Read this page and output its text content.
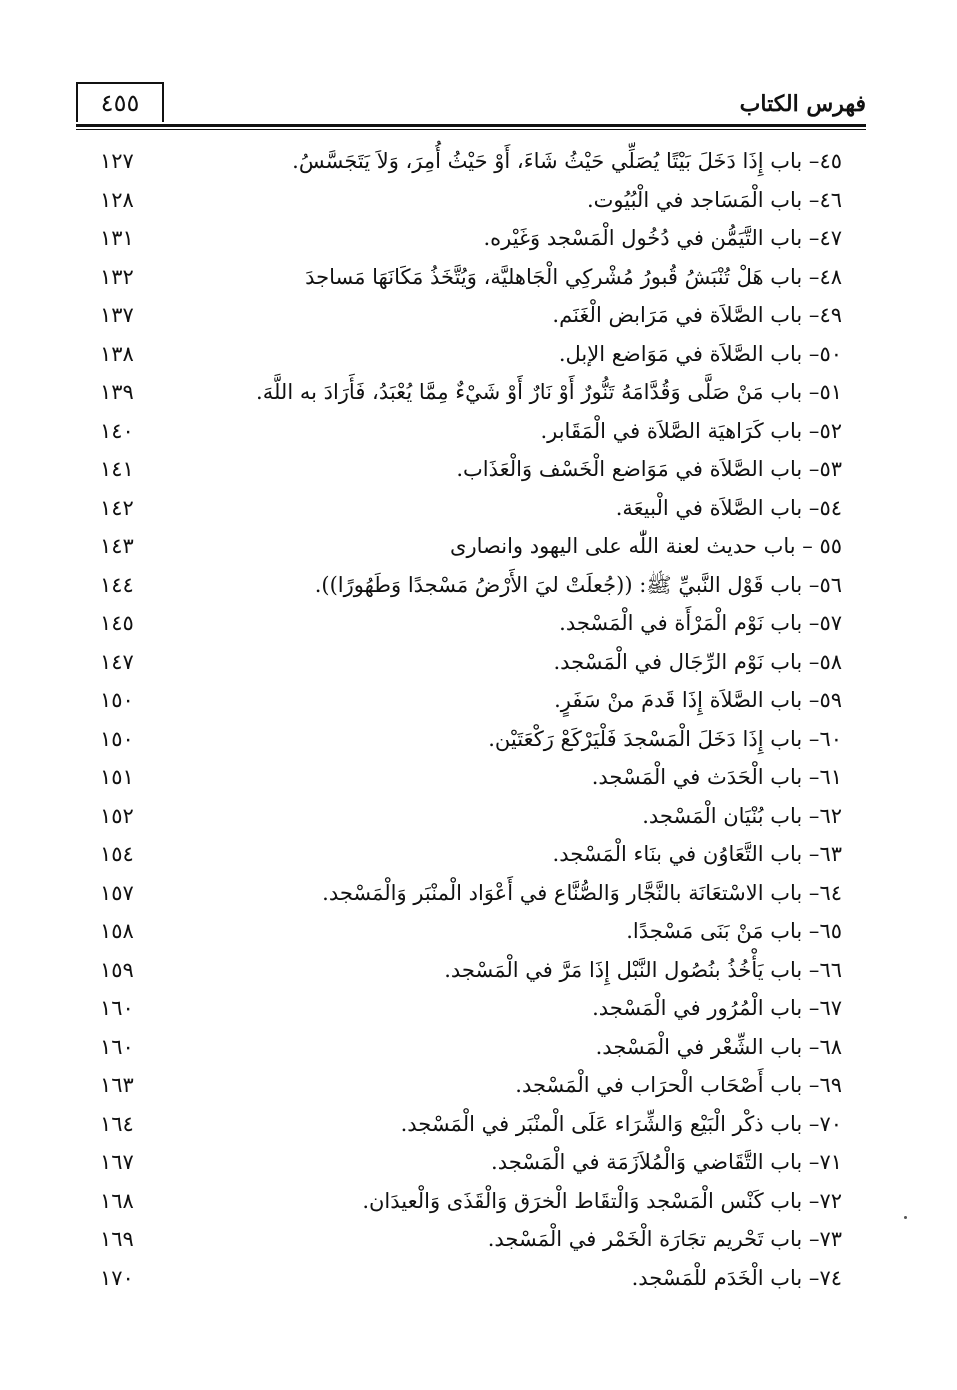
٤٥٥	فهرس الكتاب
٤٥– باب إِذَا دَخَلَ بَيْتًا يُصَلِّي حَيْثُ شَاءَ، أَوْ حَيْثُ أُمِرَ، وَلاَ يَتَجَسَّسُ.
١٢٧
٤٦– باب الْمَسَاجد في الْبُيُوت.
١٢٨
٤٧– باب التَّيَمُّن في دُخُول الْمَسْجد وَغَيْره.
١٣١
٤٨– باب هَلْ تُنْبَشُ قُبورُ مُشْركِي الْجَاهليَّة، وَيُتَّخَذُ مَكَانَهَا مَساجدَ
١٣٢
٤٩– باب الصَّلاَة في مَرَابض الْغَنَم.
١٣٧
٥٠– باب الصَّلاَة في مَوَاضع الإبل.
١٣٨
٥١– باب مَنْ صَلَّى وَقُدَّامَهُ تَنُّورٌ أَوْ نَارٌ أَوْ شَيْءٌ مِمَّا يُعْبَدُ، فَأَرَادَ به اللَّهَ.
١٣٩
٥٢– باب كَرَاهيَة الصَّلاَة في الْمَقَابر.
١٤٠
٥٣– باب الصَّلاَة في مَوَاضع الْخَسْف وَالْعَذَاب.
١٤١
٥٤– باب الصَّلاَة في الْبيعَة.
١٤٢
٥٥ – باب حديث لعنة اللّٰه على اليهود وانصارى
١٤٣
٥٦– باب قَوْل النَّبيِّ ﷺ: ((جُعلَتْ ليَ الأَرْضُ مَسْجدًا وَطَهُورًا)).
١٤٤
٥٧– باب نَوْم الْمَرْأَة في الْمَسْجد.
١٤٥
٥٨– باب نَوْم الرِّجَال في الْمَسْجد.
١٤٧
٥٩– باب الصَّلاَة إِذَا قَدمَ منْ سَفَرٍ.
١٥٠
٦٠– باب إِذَا دَخَلَ الْمَسْجدَ فَلْيَرْكَعْ رَكْعَتَيْن.
١٥٠
٦١– باب الْحَدَث في الْمَسْجد.
١٥١
٦٢– باب بُنْيَان الْمَسْجد.
١٥٢
٦٣– باب التَّعَاوُن في بنَاء الْمَسْجد.
١٥٤
٦٤– باب الاسْتعَانَة بالنَّجَّار وَالصُّنَّاع في أَعْوَاد الْمنْبَر وَالْمَسْجد.
١٥٧
٦٥– باب مَنْ بَنَى مَسْجدًا.
١٥٨
٦٦– باب يَأْخُذُ بنُصُول النَّبْل إِذَا مَرَّ في الْمَسْجد.
١٥٩
٦٧– باب الْمُرُور في الْمَسْجد.
١٦٠
٦٨– باب الشِّعْر في الْمَسْجد.
١٦٠
٦٩– باب أَصْحَاب الْحرَاب في الْمَسْجد.
١٦٣
٧٠– باب ذكْر الْبَيْع وَالشِّرَاء عَلَى الْمنْبَر في الْمَسْجد.
١٦٤
٧١– باب التَّقَاضي وَالْمُلاَزَمَة في الْمَسْجد.
١٦٧
٧٢– باب كَنْس الْمَسْجد وَالْتقَاط الْخرَق وَالْقَذَى وَالْعيدَان.
١٦٨
٧٣– باب تَحْريم تجَارَة الْخَمْر في الْمَسْجد.
١٦٩
٧٤– باب الْخَدَم للْمَسْجد.
١٧٠
